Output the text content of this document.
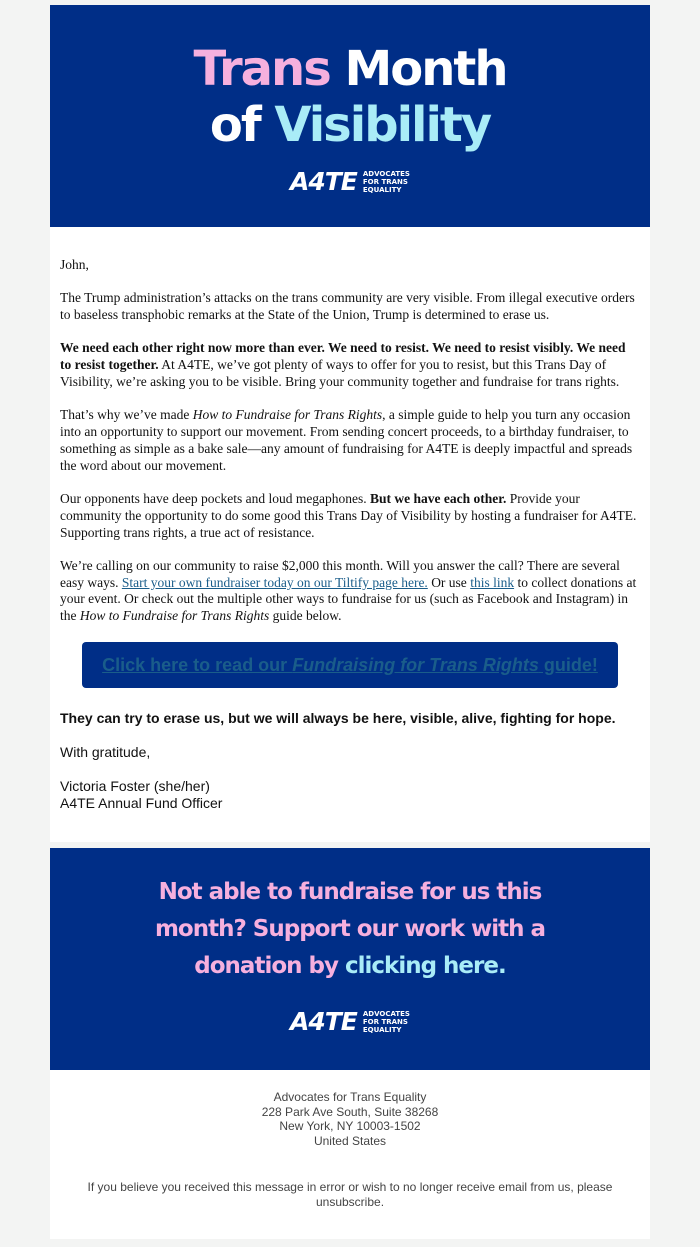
Trans Month
of Visibility
A4TE ADVOCATES
FOR TRANS
EQUALITY

John,

The Trump administration’s attacks on the trans community are very visible. From illegal executive orders to baseless transphobic remarks at the State of the Union, Trump is determined to erase us.

We need each other right now more than ever. We need to resist. We need to resist visibly. We need to resist together. At A4TE, we’ve got plenty of ways to offer for you to resist, but this Trans Day of Visibility, we’re asking you to be visible. Bring your community together and fundraise for trans rights.

That’s why we’ve made How to Fundraise for Trans Rights, a simple guide to help you turn any occasion into an opportunity to support our movement. From sending concert proceeds, to a birthday fundraiser, to something as simple as a bake sale—any amount of fundraising for A4TE is deeply impactful and spreads the word about our movement.

Our opponents have deep pockets and loud megaphones. But we have each other. Provide your community the opportunity to do some good this Trans Day of Visibility by hosting a fundraiser for A4TE. Supporting trans rights, a true act of resistance.

We’re calling on our community to raise $2,000 this month. Will you answer the call? There are several easy ways. Start your own fundraiser today on our Tiltify page here. Or use this link to collect donations at your event. Or check out the multiple other ways to fundraise for us (such as Facebook and Instagram) in the How to Fundraise for Trans Rights guide below.

Click here to read our Fundraising for Trans Rights guide!
They can try to erase us, but we will always be here, visible, alive, fighting for hope.
With gratitude,
Victoria Foster (she/her)
A4TE Annual Fund Officer
Not able to fundraise for us this
month? Support our work with a
donation by clicking here.
A4TE ADVOCATES
FOR TRANS
EQUALITY
Advocates for Trans Equality
228 Park Ave South, Suite 38268
New York, NY 10003-1502
United States
If you believe you received this message in error or wish to no longer receive email from us, please unsubscribe.
